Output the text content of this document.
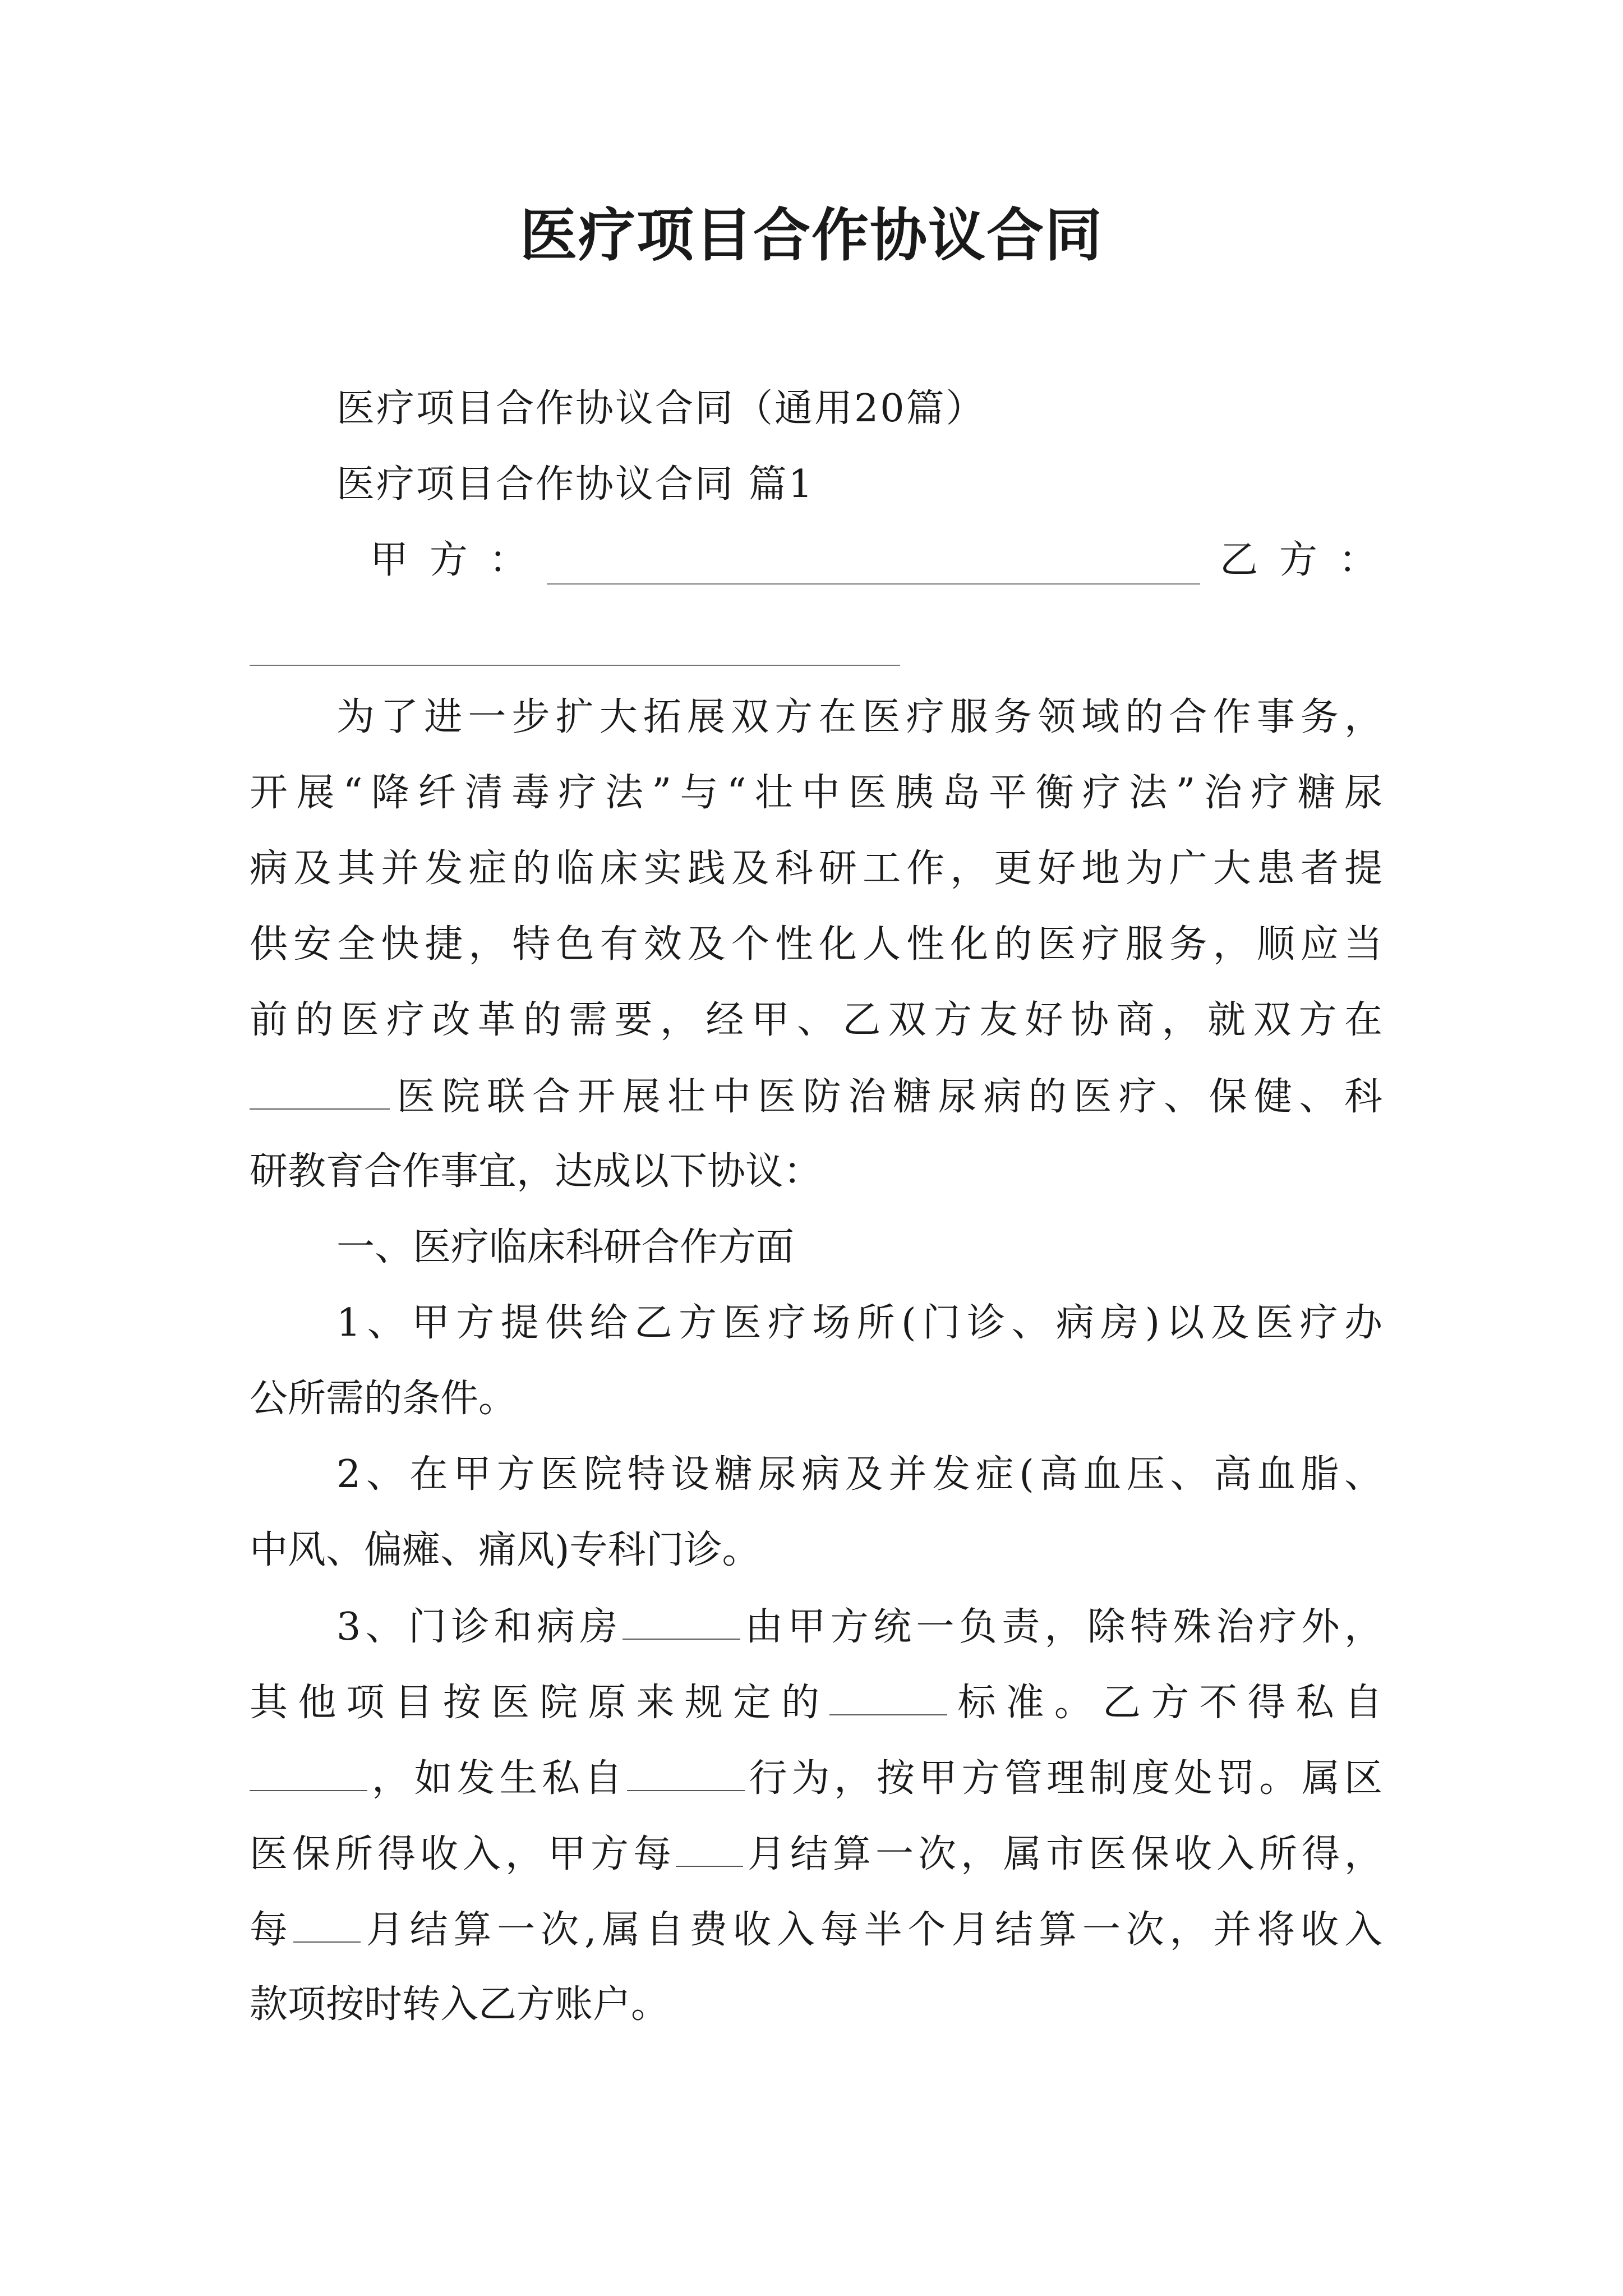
医疗项目合作协议合同
医疗项目合作协议合同（通用20篇）
医疗项目合作协议合同 篇1
甲方：	乙方：
为了进一步扩大拓展双方在医疗服务领域的合作事务，
开展“降纤清毒疗法”与“壮中医胰岛平衡疗法”治疗糖尿
病及其并发症的临床实践及科研工作，更好地为广大患者提
供安全快捷，特色有效及个性化人性化的医疗服务，顺应当
前的医疗改革的需要，经甲、乙双方友好协商，就双方在
医院联合开展壮中医防治糖尿病的医疗、保健、科
研教育合作事宜，达成以下协议：
一、医疗临床科研合作方面
1、甲方提供给乙方医疗场所(门诊、病房)以及医疗办
公所需的条件。
2、在甲方医院特设糖尿病及并发症(高血压、高血脂、
中风、偏瘫、痛风)专科门诊。
3、门诊和病房	由甲方统一负责，除特殊治疗外，
其他项目按医院原来规定的	标准。乙方不得私自
，如发生私自	行为，按甲方管理制度处罚。属区
医保所得收入，甲方每 月结算一次，属市医保收入所得，
每 月结算一次,属自费收入每半个月结算一次，并将收入
款项按时转入乙方账户。
